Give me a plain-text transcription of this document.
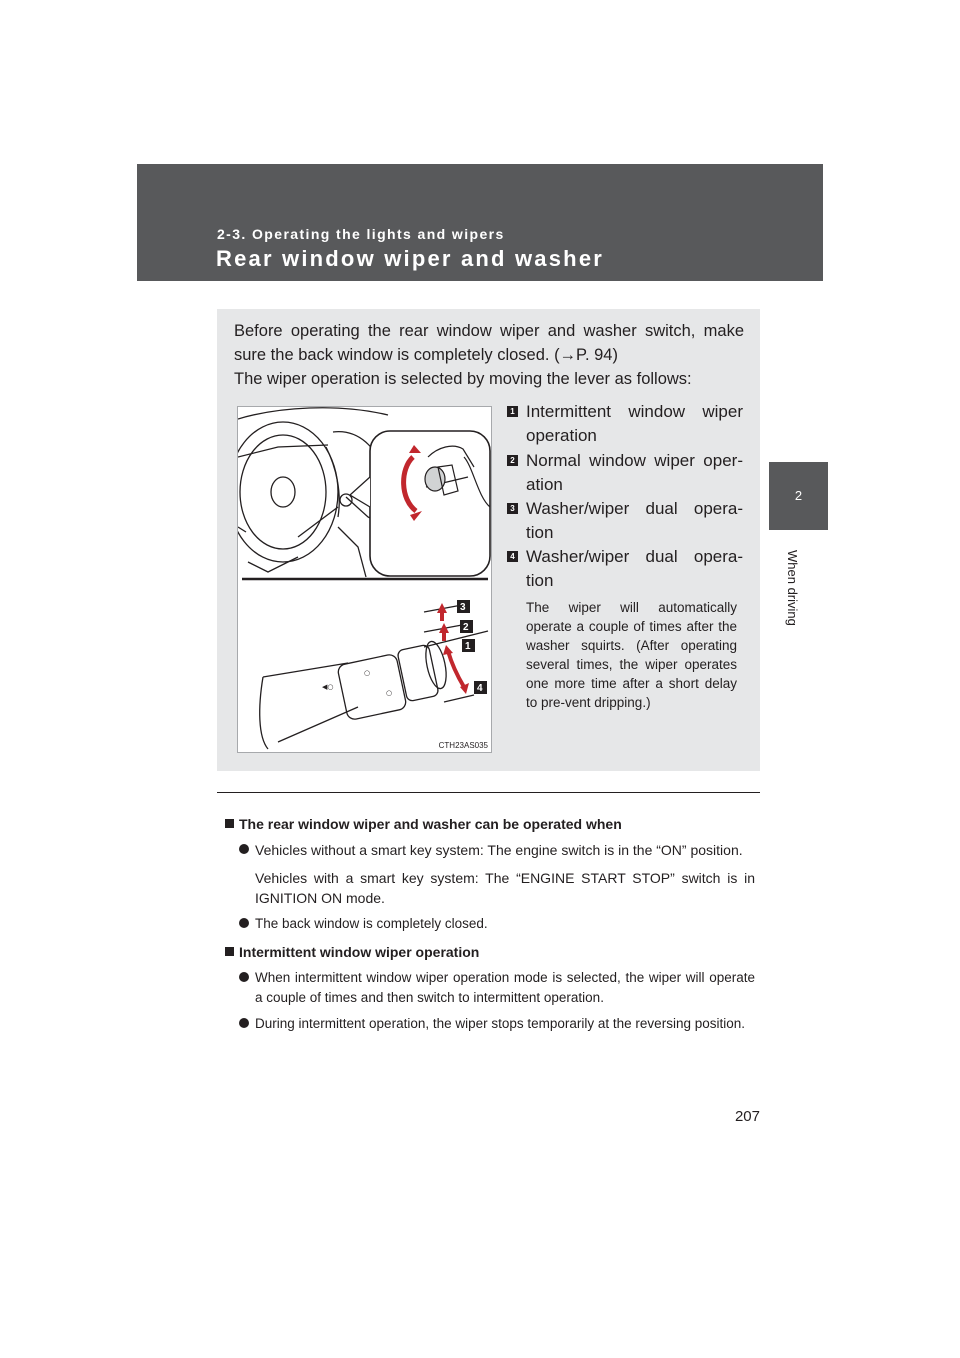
2-3. Operating the lights and wipers
Rear window wiper and washer
2
When driving

Before operating the rear window wiper and washer switch, make sure the back window is completely closed. (→P. 94)

The wiper operation is selected by moving the lever as follows:

◀○
○
○
3
2
1
4
CTH23AS035
1 Intermittent window wiper operation
2 Normal window wiper oper-ation
3 Washer/wiper dual opera-tion
4 Washer/wiper dual opera-tion
The wiper will automatically operate a couple of times after the washer squirts. (After operating several times, the wiper operates one more time after a short delay to pre-vent dripping.)
The rear window wiper and washer can be operated when
Vehicles without a smart key system: The engine switch is in the “ON” position.
Vehicles with a smart key system: The “ENGINE START STOP” switch is in IGNITION ON mode.
The back window is completely closed.
Intermittent window wiper operation
When intermittent window wiper operation mode is selected, the wiper will operate a couple of times and then switch to intermittent operation.
During intermittent operation, the wiper stops temporarily at the reversing position.
207
